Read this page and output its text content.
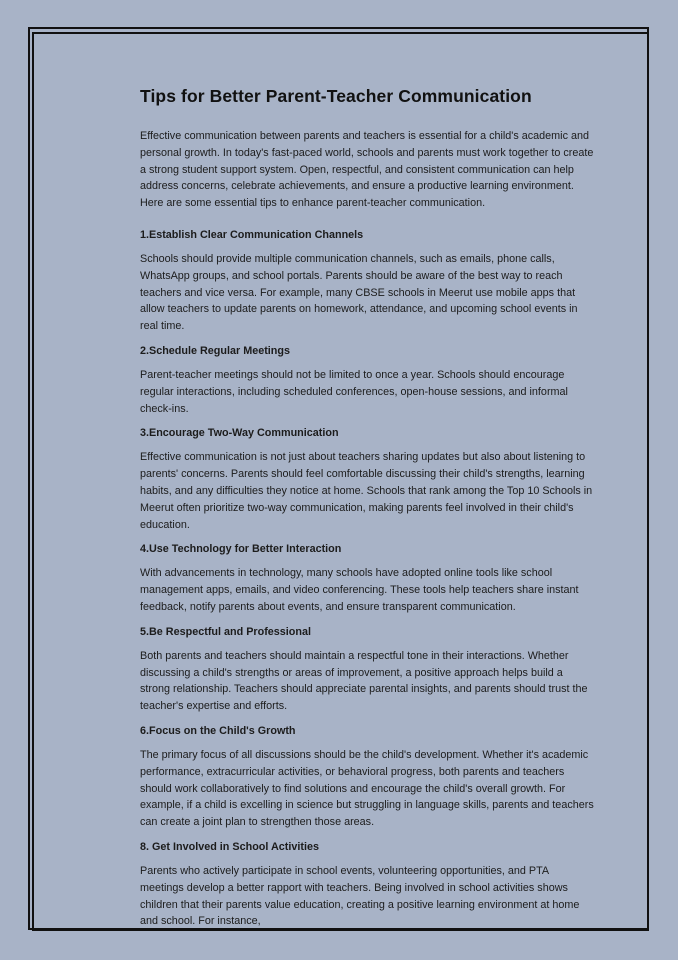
Tips for Better Parent-Teacher Communication

Effective communication between parents and teachers is essential for a child's academic and personal growth. In today's fast-paced world, schools and parents must work together to create a strong student support system. Open, respectful, and consistent communication can help address concerns, celebrate achievements, and ensure a productive learning environment. Here are some essential tips to enhance parent-teacher communication.

1.Establish Clear Communication Channels

Schools should provide multiple communication channels, such as emails, phone calls, WhatsApp groups, and school portals. Parents should be aware of the best way to reach teachers and vice versa. For example, many CBSE schools in Meerut use mobile apps that allow teachers to update parents on homework, attendance, and upcoming school events in real time.

2.Schedule Regular Meetings

Parent-teacher meetings should not be limited to once a year. Schools should encourage regular interactions, including scheduled conferences, open-house sessions, and informal check-ins.

3.Encourage Two-Way Communication

Effective communication is not just about teachers sharing updates but also about listening to parents' concerns. Parents should feel comfortable discussing their child's strengths, learning habits, and any difficulties they notice at home. Schools that rank among the Top 10 Schools in Meerut often prioritize two-way communication, making parents feel involved in their child's education.

4.Use Technology for Better Interaction

With advancements in technology, many schools have adopted online tools like school management apps, emails, and video conferencing. These tools help teachers share instant feedback, notify parents about events, and ensure transparent communication.

5.Be Respectful and Professional

Both parents and teachers should maintain a respectful tone in their interactions. Whether discussing a child's strengths or areas of improvement, a positive approach helps build a strong relationship. Teachers should appreciate parental insights, and parents should trust the teacher's expertise and efforts.

6.Focus on the Child's Growth

The primary focus of all discussions should be the child's development. Whether it's academic performance, extracurricular activities, or behavioral progress, both parents and teachers should work collaboratively to find solutions and encourage the child's overall growth. For example, if a child is excelling in science but struggling in language skills, parents and teachers can create a joint plan to strengthen those areas.

8. Get Involved in School Activities

Parents who actively participate in school events, volunteering opportunities, and PTA meetings develop a better rapport with teachers. Being involved in school activities shows children that their parents value education, creating a positive learning environment at home and school. For instance,
